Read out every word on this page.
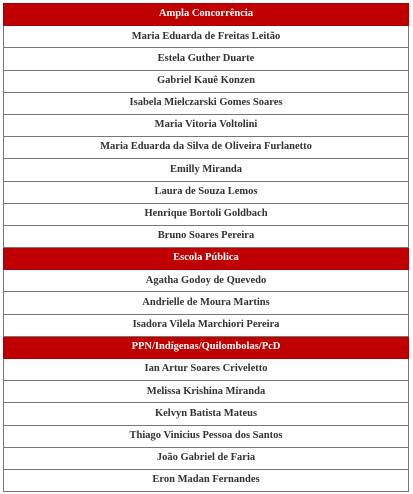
Ampla Concorrência
Maria Eduarda de Freitas Leitão
Estela Guther Duarte
Gabriel Kauê Konzen
Isabela Mielczarski Gomes Soares
Maria Vitoria Voltolini
Maria Eduarda da Silva de Oliveira Furlanetto
Emilly Miranda
Laura de Souza Lemos
Henrique Bortoli Goldbach
Bruno Soares Pereira
Escola Pública
Agatha Godoy de Quevedo
Andrielle de Moura Martins
Isadora Vilela Marchiori Pereira
PPN/Indígenas/Quilombolas/PcD
Ian Artur Soares Criveletto
Melissa Krishina Miranda
Kelvyn Batista Mateus
Thiago Vinicius Pessoa dos Santos
João Gabriel de Faria
Eron Madan Fernandes
